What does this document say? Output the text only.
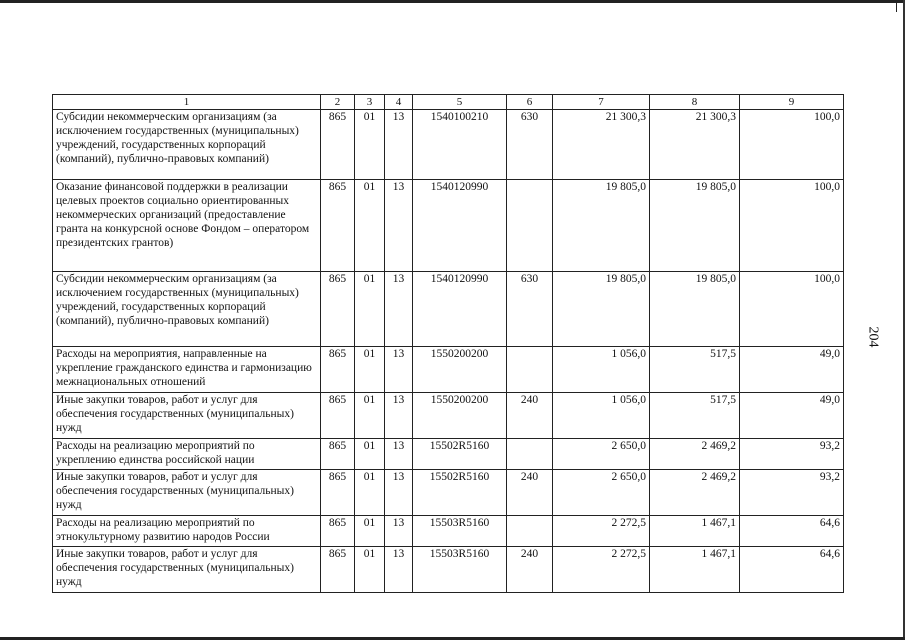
204
1	2	3	4	5	6	7	8	9
Субсидии некоммерческим организациям (за исключением государственных (муниципальных) учреждений, государственных корпораций (компаний), публично-правовых компаний)	865	01	13	1540100210	630	21 300,3	21 300,3	100,0
Оказание финансовой поддержки в реализации целевых проектов социально ориентированных некоммерческих организаций (предоставление гранта на конкурсной основе Фондом – оператором президентских грантов)	865	01	13	1540120990		19 805,0	19 805,0	100,0
Субсидии некоммерческим организациям (за исключением государственных (муниципальных) учреждений, государственных корпораций (компаний), публично-правовых компаний)	865	01	13	1540120990	630	19 805,0	19 805,0	100,0
Расходы на мероприятия, направленные на укрепление гражданского единства и гармонизацию межнациональных отношений	865	01	13	1550200200		1 056,0	517,5	49,0
Иные закупки товаров, работ и услуг для обеспечения государственных (муниципальных) нужд	865	01	13	1550200200	240	1 056,0	517,5	49,0
Расходы на реализацию мероприятий по укреплению единства российской нации	865	01	13	15502R5160		2 650,0	2 469,2	93,2
Иные закупки товаров, работ и услуг для обеспечения государственных (муниципальных) нужд	865	01	13	15502R5160	240	2 650,0	2 469,2	93,2
Расходы на реализацию мероприятий по этнокультурному развитию народов России	865	01	13	15503R5160		2 272,5	1 467,1	64,6
Иные закупки товаров, работ и услуг для обеспечения государственных (муниципальных) нужд	865	01	13	15503R5160	240	2 272,5	1 467,1	64,6
